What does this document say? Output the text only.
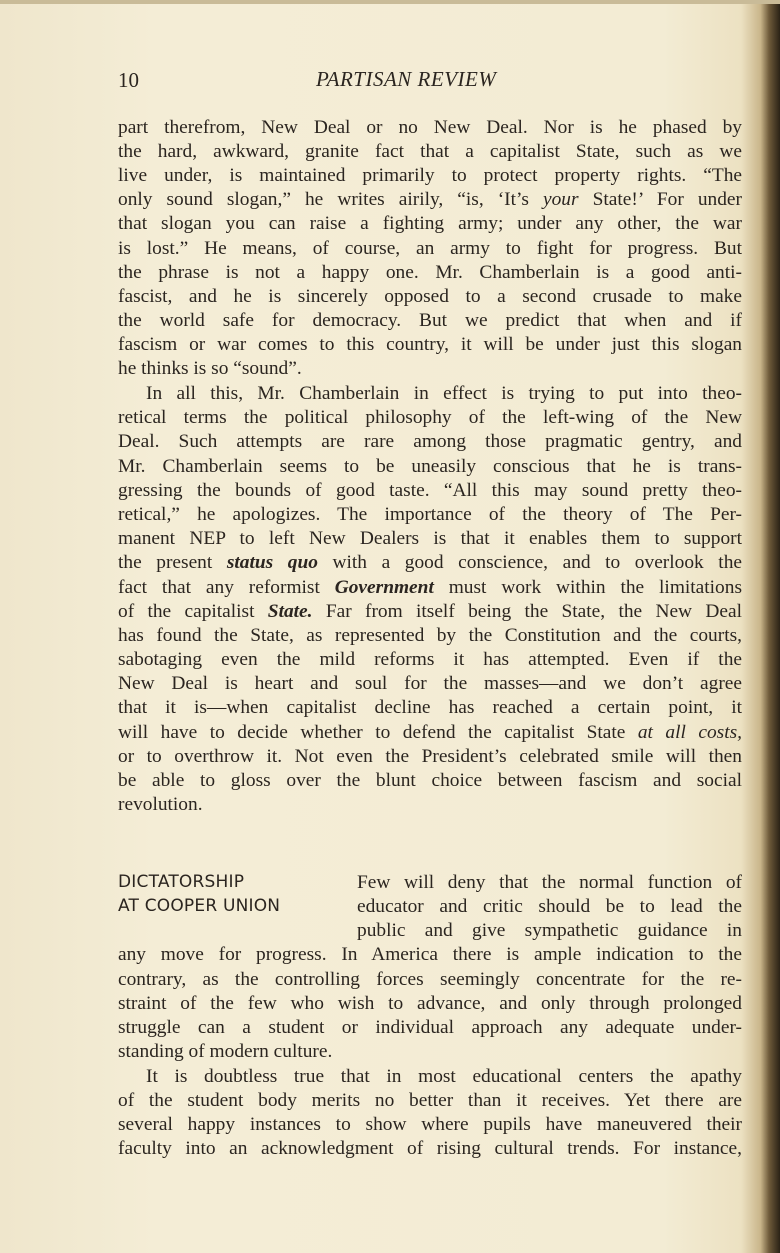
10	PARTISAN REVIEW
DICTATORSHIP
AT COOPER UNION
part therefrom, New Deal or no New Deal. Nor is he phased by
the hard, awkward, granite fact that a capitalist State, such as we
live under, is maintained primarily to protect property rights. “The
only sound slogan,” he writes airily, “is, ‘It’s your State!’ For under
that slogan you can raise a fighting army; under any other, the war
is lost.” He means, of course, an army to fight for progress. But
the phrase is not a happy one. Mr. Chamberlain is a good anti-
fascist, and he is sincerely opposed to a second crusade to make
the world safe for democracy. But we predict that when and if
fascism or war comes to this country, it will be under just this slogan
he thinks is so “sound”.
In all this, Mr. Chamberlain in effect is trying to put into theo-
retical terms the political philosophy of the left-wing of the New
Deal. Such attempts are rare among those pragmatic gentry, and
Mr. Chamberlain seems to be uneasily conscious that he is trans-
gressing the bounds of good taste. “All this may sound pretty theo-
retical,” he apologizes. The importance of the theory of The Per-
manent NEP to left New Dealers is that it enables them to support
the present status quo with a good conscience, and to overlook the
fact that any reformist Government must work within the limitations
of the capitalist State. Far from itself being the State, the New Deal
has found the State, as represented by the Constitution and the courts,
sabotaging even the mild reforms it has attempted. Even if the
New Deal is heart and soul for the masses—and we don’t agree
that it is—when capitalist decline has reached a certain point, it
will have to decide whether to defend the capitalist State at all costs,
or to overthrow it. Not even the President’s celebrated smile will then
be able to gloss over the blunt choice between fascism and social
revolution.
Few will deny that the normal function of
educator and critic should be to lead the
public and give sympathetic guidance in
any move for progress. In America there is ample indication to the
contrary, as the controlling forces seemingly concentrate for the re-
straint of the few who wish to advance, and only through prolonged
struggle can a student or individual approach any adequate under-
standing of modern culture.
It is doubtless true that in most educational centers the apathy
of the student body merits no better than it receives. Yet there are
several happy instances to show where pupils have maneuvered their
faculty into an acknowledgment of rising cultural trends. For instance,
